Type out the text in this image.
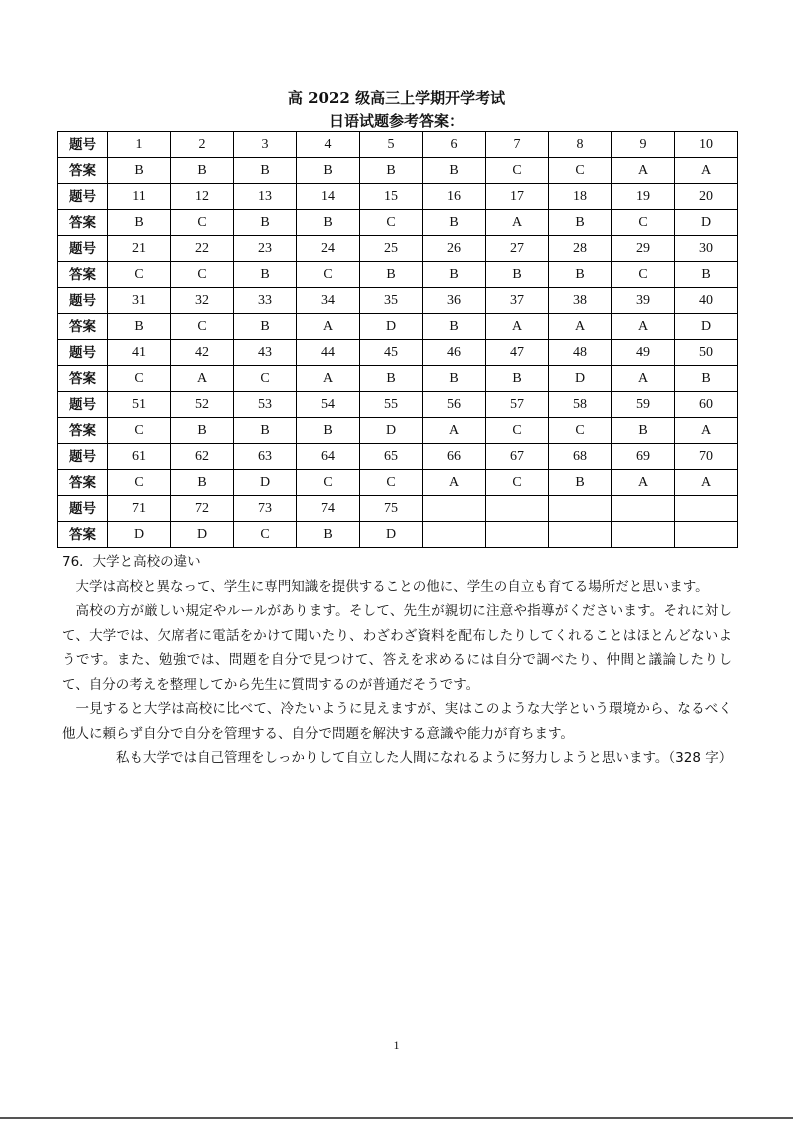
高 2022 级高三上学期开学考试
日语试题参考答案：
题号	1	2	3	4	5	6	7	8	9	10
答案	B	B	B	B	B	B	C	C	A	A
题号	11	12	13	14	15	16	17	18	19	20
答案	B	C	B	B	C	B	A	B	C	D
题号	21	22	23	24	25	26	27	28	29	30
答案	C	C	B	C	B	B	B	B	C	B
题号	31	32	33	34	35	36	37	38	39	40
答案	B	C	B	A	D	B	A	A	A	D
题号	41	42	43	44	45	46	47	48	49	50
答案	C	A	C	A	B	B	B	D	A	B
题号	51	52	53	54	55	56	57	58	59	60
答案	C	B	B	B	D	A	C	C	B	A
题号	61	62	63	64	65	66	67	68	69	70
答案	C	B	D	C	C	A	C	B	A	A
题号	71	72	73	74	75					
答案	D	D	C	B	D					

76．大学と高校の違い

大学は高校と異なって、学生に専門知識を提供することの他に、学生の自立も育てる場所だと思います。

高校の方が厳しい規定やルールがあります。そして、先生が親切に注意や指導がくださいます。それに対して、大学では、欠席者に電話をかけて聞いたり、わざわざ資料を配布したりしてくれることはほとんどないようです。また、勉強では、問題を自分で見つけて、答えを求めるには自分で調べたり、仲間と議論したりして、自分の考えを整理してから先生に質問するのが普通だそうです。

一見すると大学は高校に比べて、冷たいように見えますが、実はこのような大学という環境から、なるべく他人に頼らず自分で自分を管理する、自分で問題を解決する意識や能力が育ちます。

私も大学では自己管理をしっかりして自立した人間になれるように努力しようと思います。（328 字）

1
